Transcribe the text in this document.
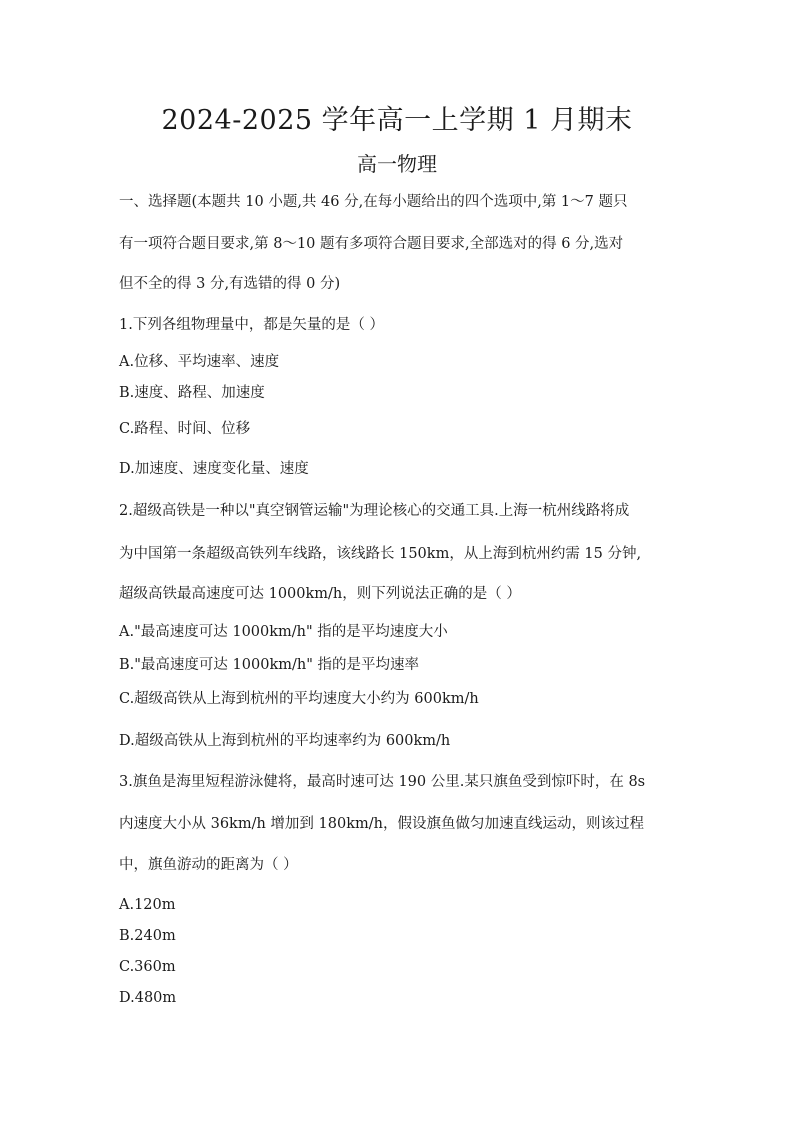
2024-2025 学年高一上学期 1 月期末
高一物理
一、选择题(本题共 10 小题,共 46 分,在每小题给出的四个选项中,第 1～7 题只
有一项符合题目要求,第 8～10 题有多项符合题目要求,全部选对的得 6 分,选对
但不全的得 3 分,有选错的得 0 分)
1.下列各组物理量中，都是矢量的是（ ）
A.位移、平均速率、速度
B.速度、路程、加速度
C.路程、时间、位移
D.加速度、速度变化量、速度
2.超级高铁是一种以"真空钢管运输"为理论核心的交通工具.上海一杭州线路将成
为中国第一条超级高铁列车线路，该线路长 150km，从上海到杭州约需 15 分钟,
超级高铁最高速度可达 1000km/h，则下列说法正确的是（ ）
A."最高速度可达 1000km/h" 指的是平均速度大小
B."最高速度可达 1000km/h" 指的是平均速率
C.超级高铁从上海到杭州的平均速度大小约为 600km/h
D.超级高铁从上海到杭州的平均速率约为 600km/h
3.旗鱼是海里短程游泳健将，最高时速可达 190 公里.某只旗鱼受到惊吓时，在 8s
内速度大小从 36km/h 增加到 180km/h，假设旗鱼做匀加速直线运动，则该过程
中，旗鱼游动的距离为（ ）
A.120m
B.240m
C.360m
D.480m
